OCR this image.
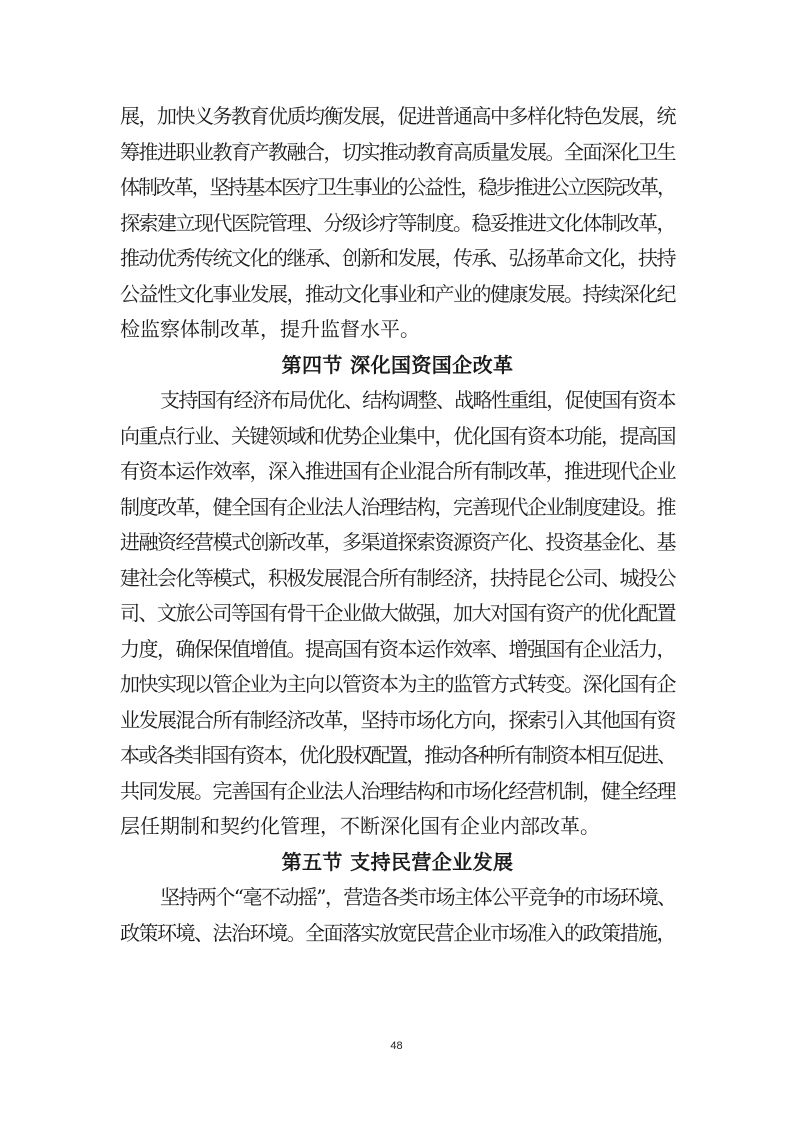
展，加快义务教育优质均衡发展，促进普通高中多样化特色发展，统
筹推进职业教育产教融合，切实推动教育高质量发展。全面深化卫生
体制改革，坚持基本医疗卫生事业的公益性，稳步推进公立医院改革，
探索建立现代医院管理、分级诊疗等制度。稳妥推进文化体制改革，
推动优秀传统文化的继承、创新和发展，传承、弘扬革命文化，扶持
公益性文化事业发展，推动文化事业和产业的健康发展。持续深化纪
检监察体制改革，提升监督水平。
第四节 深化国资国企改革
支持国有经济布局优化、结构调整、战略性重组，促使国有资本
向重点行业、关键领域和优势企业集中，优化国有资本功能，提高国
有资本运作效率，深入推进国有企业混合所有制改革，推进现代企业
制度改革，健全国有企业法人治理结构，完善现代企业制度建设。推
进融资经营模式创新改革，多渠道探索资源资产化、投资基金化、基
建社会化等模式，积极发展混合所有制经济，扶持昆仑公司、城投公
司、文旅公司等国有骨干企业做大做强，加大对国有资产的优化配置
力度，确保保值增值。提高国有资本运作效率、增强国有企业活力，
加快实现以管企业为主向以管资本为主的监管方式转变。深化国有企
业发展混合所有制经济改革，坚持市场化方向，探索引入其他国有资
本或各类非国有资本，优化股权配置，推动各种所有制资本相互促进、
共同发展。完善国有企业法人治理结构和市场化经营机制，健全经理
层任期制和契约化管理，不断深化国有企业内部改革。
第五节 支持民营企业发展
坚持两个“毫不动摇”，营造各类市场主体公平竞争的市场环境、
政策环境、法治环境。全面落实放宽民营企业市场准入的政策措施，
48
